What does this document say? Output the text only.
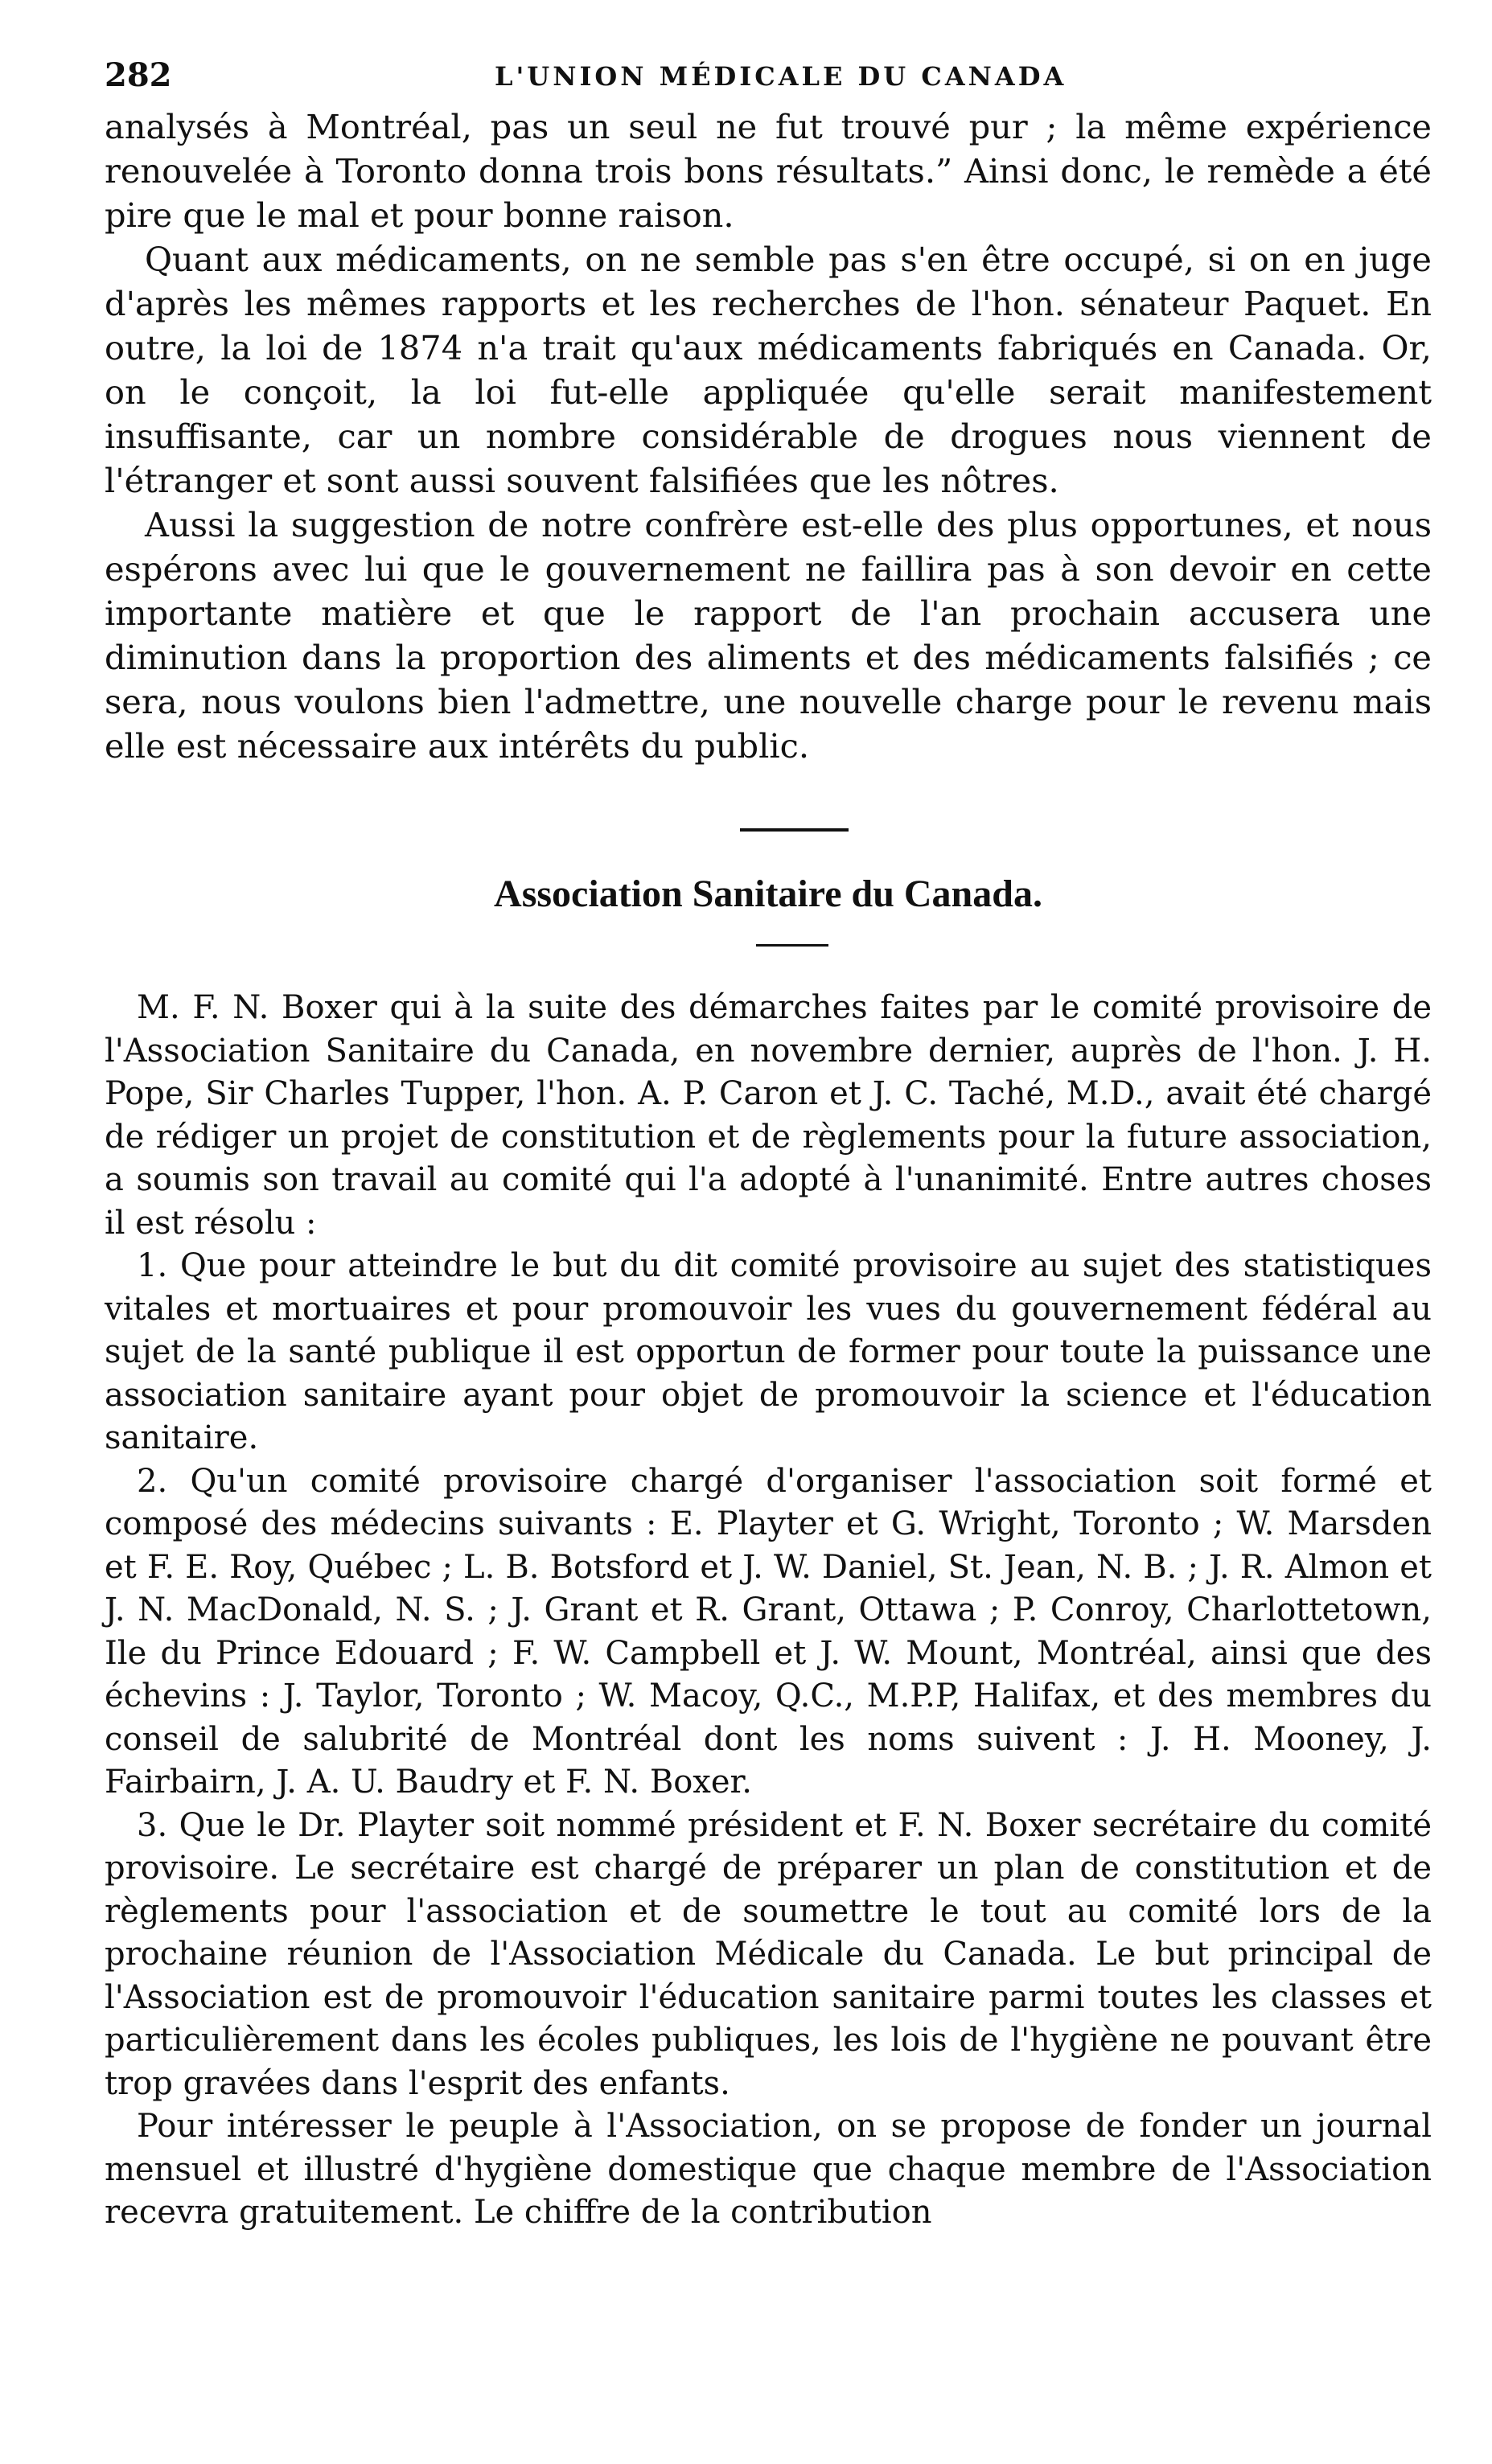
282	L'UNION MÉDICALE DU CANADA

analysés à Montréal, pas un seul ne fut trouvé pur ; la même expérience renouvelée à Toronto donna trois bons résultats.” Ainsi donc, le remède a été pire que le mal et pour bonne raison.

Quant aux médicaments, on ne semble pas s'en être occupé, si on en juge d'après les mêmes rapports et les recherches de l'hon. sénateur Paquet. En outre, la loi de 1874 n'a trait qu'aux médicaments fabriqués en Canada. Or, on le conçoit, la loi fut-elle appliquée qu'elle serait manifestement insuffisante, car un nombre considérable de drogues nous viennent de l'étranger et sont aussi souvent falsifiées que les nôtres.

Aussi la suggestion de notre confrère est-elle des plus opportunes, et nous espérons avec lui que le gouvernement ne faillira pas à son devoir en cette importante matière et que le rapport de l'an prochain accusera une diminution dans la proportion des aliments et des médicaments falsifiés ; ce sera, nous voulons bien l'admettre, une nouvelle charge pour le revenu mais elle est nécessaire aux intérêts du public.

Association Sanitaire du Canada.

M. F. N. Boxer qui à la suite des démarches faites par le comité provisoire de l'Association Sanitaire du Canada, en novembre dernier, auprès de l'hon. J. H. Pope, Sir Charles Tupper, l'hon. A. P. Caron et J. C. Taché, M.D., avait été chargé de rédiger un projet de constitution et de règlements pour la future association, a soumis son travail au comité qui l'a adopté à l'unanimité. Entre autres choses il est résolu :

1. Que pour atteindre le but du dit comité provisoire au sujet des statistiques vitales et mortuaires et pour promouvoir les vues du gouvernement fédéral au sujet de la santé publique il est opportun de former pour toute la puissance une association sanitaire ayant pour objet de promouvoir la science et l'éducation sanitaire.

2. Qu'un comité provisoire chargé d'organiser l'association soit formé et composé des médecins suivants : E. Playter et G. Wright, Toronto ; W. Marsden et F. E. Roy, Québec ; L. B. Botsford et J. W. Daniel, St. Jean, N. B. ; J. R. Almon et J. N. MacDonald, N. S. ; J. Grant et R. Grant, Ottawa ; P. Conroy, Charlottetown, Ile du Prince Edouard ; F. W. Campbell et J. W. Mount, Montréal, ainsi que des échevins : J. Taylor, Toronto ; W. Macoy, Q.C., M.P.P, Halifax, et des membres du conseil de salubrité de Montréal dont les noms suivent : J. H. Mooney, J. Fairbairn, J. A. U. Baudry et F. N. Boxer.

3. Que le Dr. Playter soit nommé président et F. N. Boxer secrétaire du comité provisoire. Le secrétaire est chargé de préparer un plan de constitution et de règlements pour l'association et de soumettre le tout au comité lors de la prochaine réunion de l'Association Médicale du Canada. Le but principal de l'Association est de promouvoir l'éducation sanitaire parmi toutes les classes et particulièrement dans les écoles publiques, les lois de l'hygiène ne pouvant être trop gravées dans l'esprit des enfants.

Pour intéresser le peuple à l'Association, on se propose de fonder un journal mensuel et illustré d'hygiène domestique que chaque membre de l'Association recevra gratuitement. Le chiffre de la contribution
